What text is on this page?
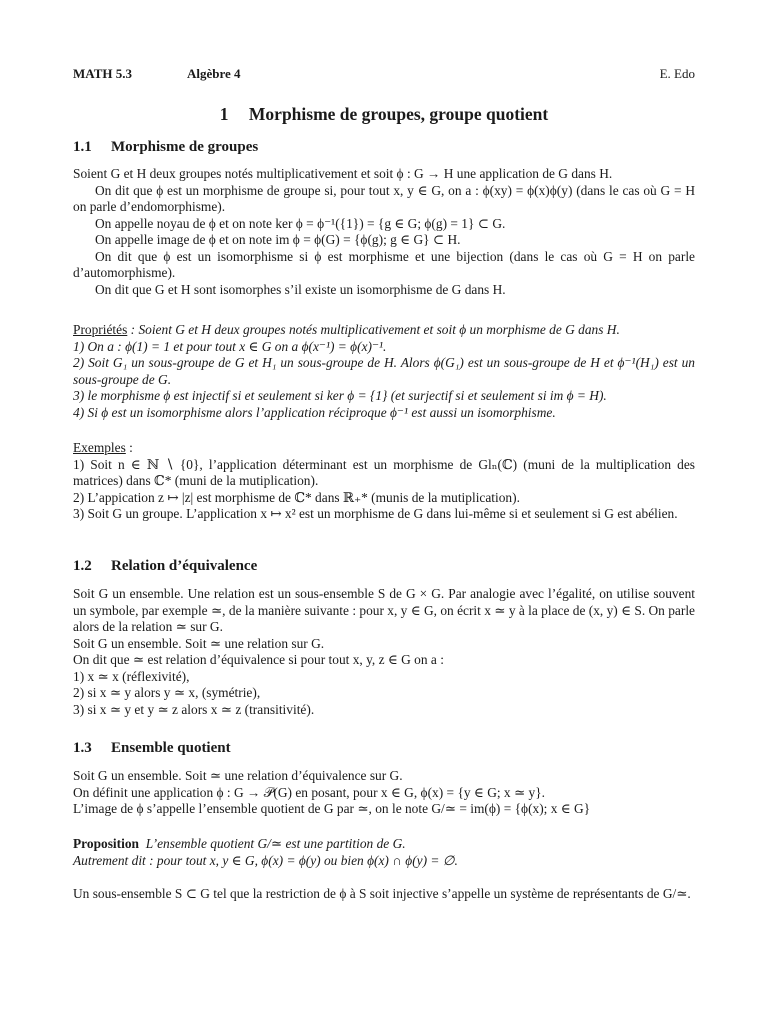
MATH 5.3	Algèbre 4	E. Edo
1 Morphisme de groupes, groupe quotient
1.1 Morphisme de groupes

Soient G et H deux groupes notés multiplicativement et soit ϕ : G → H une application de G dans H.

On dit que ϕ est un morphisme de groupe si, pour tout x, y ∈ G, on a : ϕ(xy) = ϕ(x)ϕ(y) (dans le cas où G = H on parle d’endomorphisme).

On appelle noyau de ϕ et on note ker ϕ = ϕ⁻¹({1}) = {g ∈ G; ϕ(g) = 1} ⊂ G.

On appelle image de ϕ et on note im ϕ = ϕ(G) = {ϕ(g); g ∈ G} ⊂ H.

On dit que ϕ est un isomorphisme si ϕ est morphisme et une bijection (dans le cas où G = H on parle d’automorphisme).

On dit que G et H sont isomorphes s’il existe un isomorphisme de G dans H.

Propriétés : Soient G et H deux groupes notés multiplicativement et soit ϕ un morphisme de G dans H.

1) On a : ϕ(1) = 1 et pour tout x ∈ G on a ϕ(x⁻¹) = ϕ(x)⁻¹.

2) Soit G₁ un sous-groupe de G et H₁ un sous-groupe de H. Alors ϕ(G₁) est un sous-groupe de H et ϕ⁻¹(H₁) est un sous-groupe de G.

3) le morphisme ϕ est injectif si et seulement si ker ϕ = {1} (et surjectif si et seulement si im ϕ = H).

4) Si ϕ est un isomorphisme alors l’application réciproque ϕ⁻¹ est aussi un isomorphisme.

Exemples :

1) Soit n ∈ ℕ ∖ {0}, l’application déterminant est un morphisme de Glₙ(ℂ) (muni de la multiplication des matrices) dans ℂ* (muni de la mutiplication).

2) L’appication z ↦ |z| est morphisme de ℂ* dans ℝ₊* (munis de la mutiplication).

3) Soit G un groupe. L’application x ↦ x² est un morphisme de G dans lui-même si et seulement si G est abélien.

1.2 Relation d’équivalence

Soit G un ensemble. Une relation est un sous-ensemble S de G × G. Par analogie avec l’égalité, on utilise souvent un symbole, par exemple ≃, de la manière suivante : pour x, y ∈ G, on écrit x ≃ y à la place de (x, y) ∈ S. On parle alors de la relation ≃ sur G.

Soit G un ensemble. Soit ≃ une relation sur G.

On dit que ≃ est relation d’équivalence si pour tout x, y, z ∈ G on a :

1) x ≃ x (réflexivité),

2) si x ≃ y alors y ≃ x, (symétrie),

3) si x ≃ y et y ≃ z alors x ≃ z (transitivité).

1.3 Ensemble quotient

Soit G un ensemble. Soit ≃ une relation d’équivalence sur G.

On définit une application ϕ : G → 𝒫(G) en posant, pour x ∈ G, ϕ(x) = {y ∈ G; x ≃ y}.

L’image de ϕ s’appelle l’ensemble quotient de G par ≃, on le note G/≃ = im(ϕ) = {ϕ(x); x ∈ G}

Proposition L’ensemble quotient G/≃ est une partition de G.

Autrement dit : pour tout x, y ∈ G, ϕ(x) = ϕ(y) ou bien ϕ(x) ∩ ϕ(y) = ∅.

Un sous-ensemble S ⊂ G tel que la restriction de ϕ à S soit injective s’appelle un système de représentants de G/≃.
